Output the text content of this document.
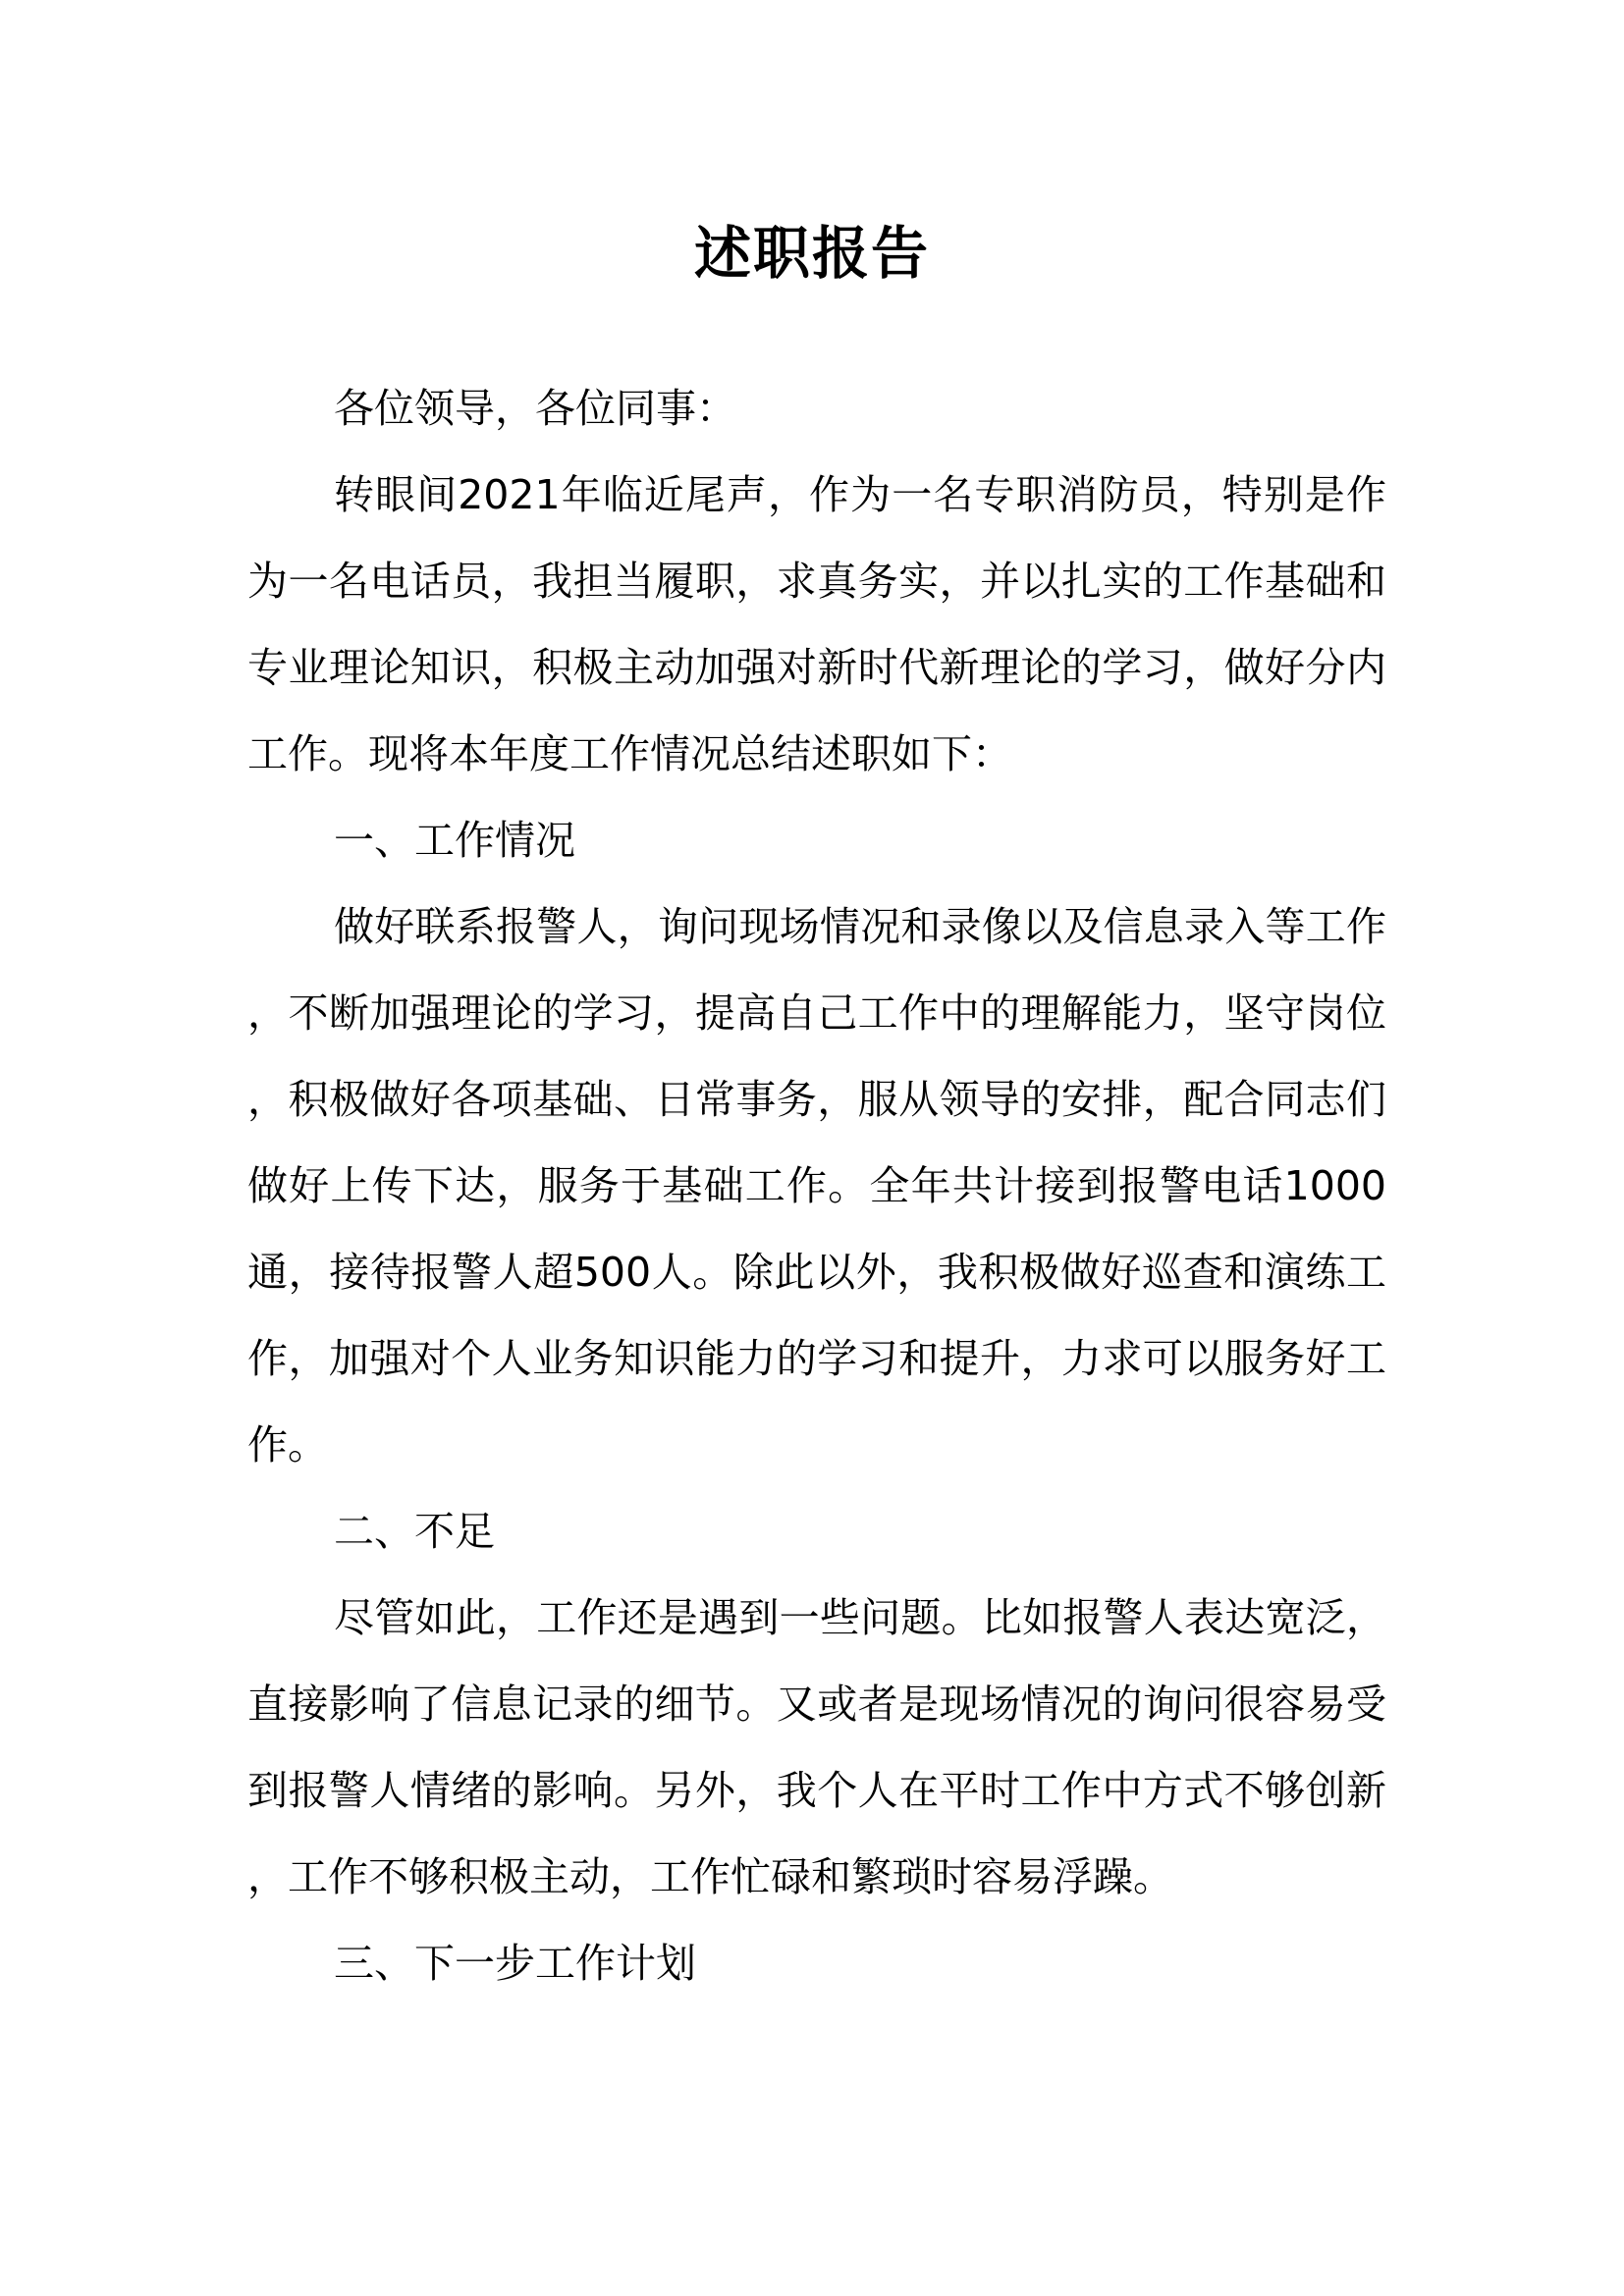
述职报告

各位领导，各位同事：

转眼间2021年临近尾声，作为一名专职消防员，特别是作为一名电话员，我担当履职，求真务实，并以扎实的工作基础和专业理论知识，积极主动加强对新时代新理论的学习，做好分内工作。现将本年度工作情况总结述职如下：

一、工作情况

做好联系报警人，询问现场情况和录像以及信息录入等工作，不断加强理论的学习，提高自己工作中的理解能力，坚守岗位，积极做好各项基础、日常事务，服从领导的安排，配合同志们做好上传下达，服务于基础工作。全年共计接到报警电话1000通，接待报警人超500人。除此以外，我积极做好巡查和演练工作，加强对个人业务知识能力的学习和提升，力求可以服务好工作。

二、不足

尽管如此，工作还是遇到一些问题。比如报警人表达宽泛，直接影响了信息记录的细节。又或者是现场情况的询问很容易受到报警人情绪的影响。另外，我个人在平时工作中方式不够创新，工作不够积极主动，工作忙碌和繁琐时容易浮躁。

三、下一步工作计划
